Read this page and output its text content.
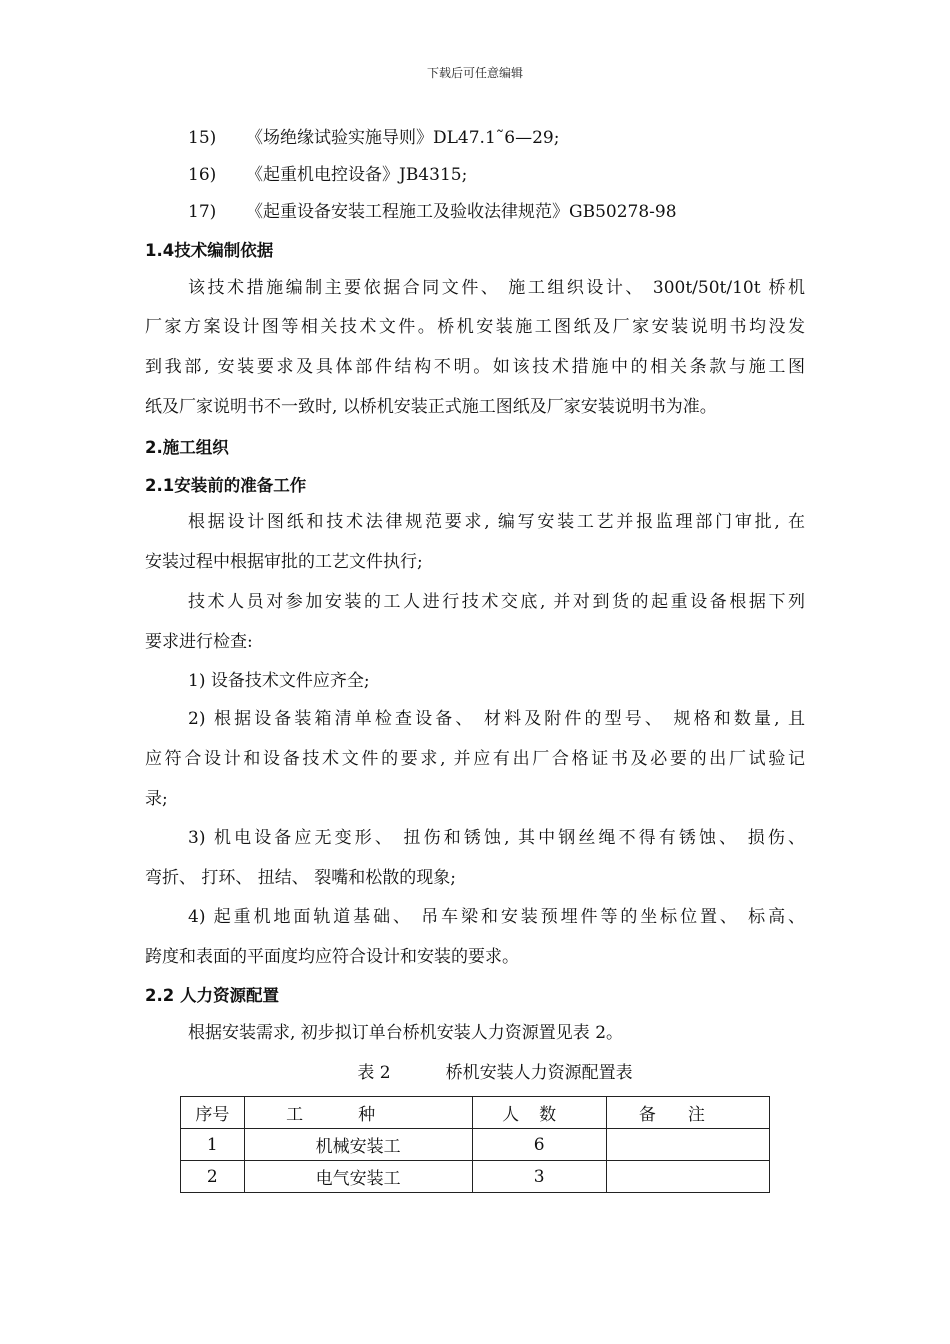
下载后可任意编辑
15) 《场绝缘试验实施导则》DL47.1˜6—29;
16) 《起重机电控设备》JB4315;
17) 《起重设备安装工程施工及验收法律规范》GB50278-98
1.4技术编制依据
该技术措施编制主要依据合同文件、 施工组织设计、 300t/50t/10t 桥机
厂家方案设计图等相关技术文件。桥机安装施工图纸及厂家安装说明书均没发
到我部, 安装要求及具体部件结构不明。如该技术措施中的相关条款与施工图
纸及厂家说明书不一致时, 以桥机安装正式施工图纸及厂家安装说明书为准。
2.施工组织
2.1安装前的准备工作
根据设计图纸和技术法律规范要求, 编写安装工艺并报监理部门审批, 在
安装过程中根据审批的工艺文件执行;
技术人员对参加安装的工人进行技术交底, 并对到货的起重设备根据下列
要求进行检查:
1) 设备技术文件应齐全;
2) 根据设备装箱清单检查设备、 材料及附件的型号、 规格和数量, 且
应符合设计和设备技术文件的要求, 并应有出厂合格证书及必要的出厂试验记
录;
3) 机电设备应无变形、 扭伤和锈蚀, 其中钢丝绳不得有锈蚀、 损伤、
弯折、 打环、 扭结、 裂嘴和松散的现象;
4) 起重机地面轨道基础、 吊车梁和安装预埋件等的坐标位置、 标高、
跨度和表面的平面度均应符合设计和安装的要求。
2.2 人力资源配置
根据安装需求, 初步拟订单台桥机安装人力资源置见表 2。
表 2	桥机安装人力资源配置表
序号	工种	人数	备注
1	机械安装工	6	
2	电气安装工	3	
